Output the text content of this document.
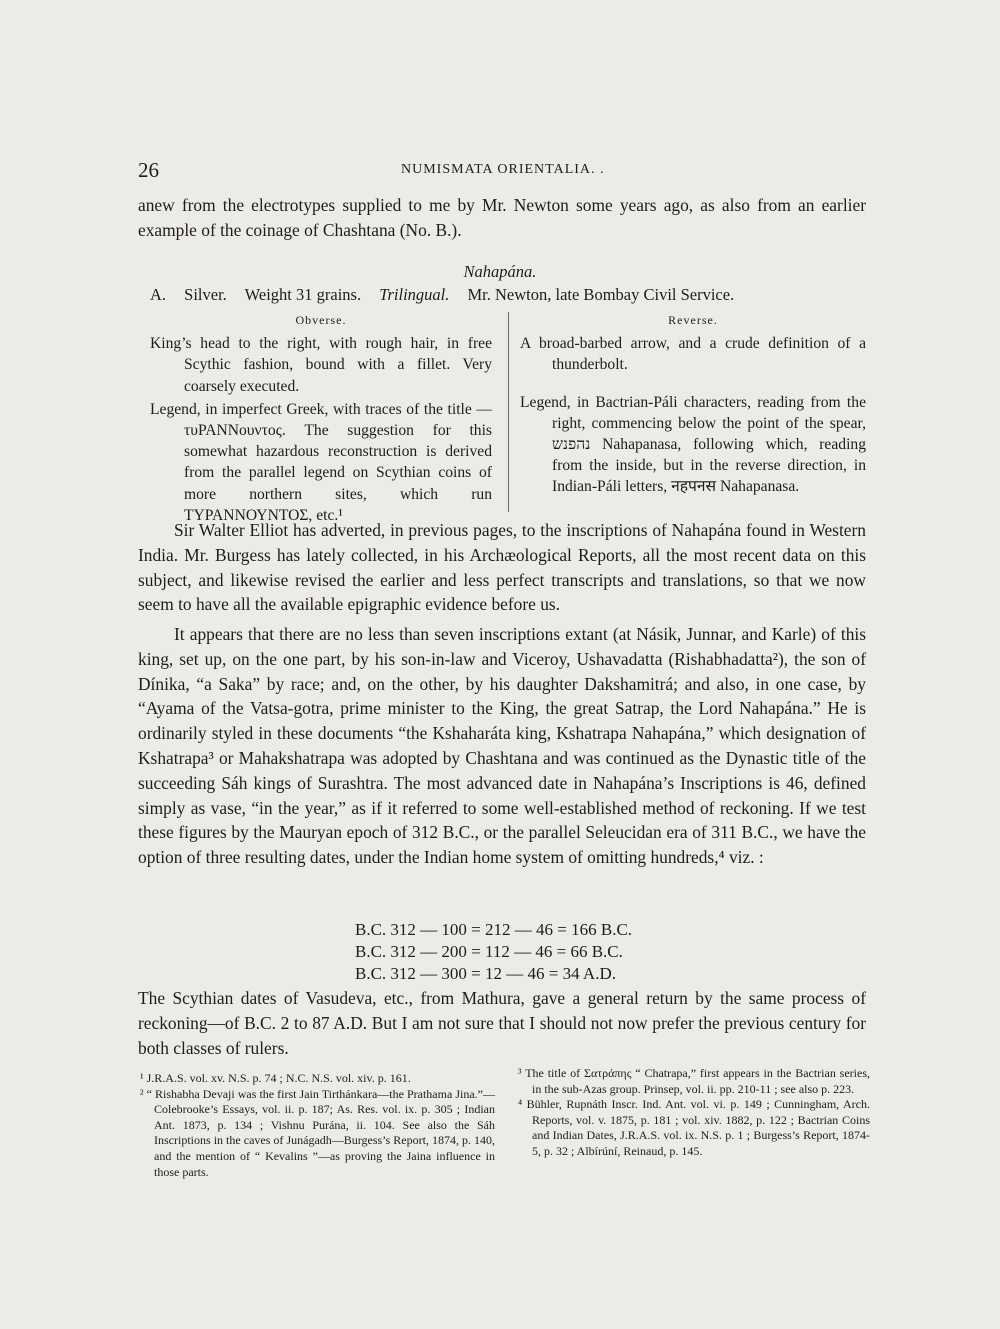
26	NUMISMATA ORIENTALIA. .

anew from the electrotypes supplied to me by Mr. Newton some years ago, as also from an earlier example of the coinage of Chashtana (No. B.).

Nahapána.
A. Silver. Weight 31 grains. Trilingual. Mr. Newton, late Bombay Civil Service.
Obverse.

King’s head to the right, with rough hair, in free Scythic fashion, bound with a fillet. Very coarsely executed.

Legend, in imperfect Greek, with traces of the title — τυPANNουντος. The suggestion for this somewhat hazardous reconstruction is derived from the parallel legend on Scythian coins of more northern sites, which run ΤΥΡΑΝΝΟΥΝΤΟΣ, etc.¹

Reverse.

A broad-barbed arrow, and a crude definition of a thunderbolt.

Legend, in Bactrian-Páli characters, reading from the right, commencing below the point of the spear, נהפנש Nahapanasa, following which, reading from the inside, but in the reverse direction, in Indian-Páli letters, नहपनस Nahapanasa.

Sir Walter Elliot has adverted, in previous pages, to the inscriptions of Nahapána found in Western India. Mr. Burgess has lately collected, in his Archæological Reports, all the most recent data on this subject, and likewise revised the earlier and less perfect transcripts and translations, so that we now seem to have all the available epigraphic evidence before us.

It appears that there are no less than seven inscriptions extant (at Násik, Junnar, and Karle) of this king, set up, on the one part, by his son-in-law and Viceroy, Ushavadatta (Rishabhadatta²), the son of Dínika, “a Saka” by race; and, on the other, by his daughter Dakshamitrá; and also, in one case, by “Ayama of the Vatsa-gotra, prime minister to the King, the great Satrap, the Lord Nahapána.” He is ordinarily styled in these documents “the Kshaharáta king, Kshatrapa Nahapána,” which designation of Kshatrapa³ or Mahakshatrapa was adopted by Chashtana and was continued as the Dynastic title of the succeeding Sáh kings of Surashtra. The most advanced date in Nahapána’s Inscriptions is 46, defined simply as vase, “in the year,” as if it referred to some well-established method of reckoning. If we test these figures by the Mauryan epoch of 312 B.C., or the parallel Seleucidan era of 311 B.C., we have the option of three resulting dates, under the Indian home system of omitting hundreds,⁴ viz. :

B.C. 312 — 100 = 212 — 46 = 166 B.C.
B.C. 312 — 200 = 112 — 46 = 66 B.C.
B.C. 312 — 300 = 12 — 46 = 34 A.D.

The Scythian dates of Vasudeva, etc., from Mathura, gave a general return by the same process of reckoning—of B.C. 2 to 87 A.D. But I am not sure that I should not now prefer the previous century for both classes of rulers.

¹ J.R.A.S. vol. xv. N.S. p. 74 ; N.C. N.S. vol. xiv. p. 161.

² “ Rishabha Devaji was the first Jain Tirthánkara—the Prathama Jina.”—Colebrooke’s Essays, vol. ii. p. 187; As. Res. vol. ix. p. 305 ; Indian Ant. 1873, p. 134 ; Vishnu Purána, ii. 104. See also the Sáh Inscriptions in the caves of Junágadh—Burgess’s Report, 1874, p. 140, and the mention of “ Kevalins ”—as proving the Jaina influence in those parts.

³ The title of Σατράπης “ Chatrapa,” first appears in the Bactrian series, in the sub-Azas group. Prinsep, vol. ii. pp. 210-11 ; see also p. 223.

⁴ Bühler, Rupnáth Inscr. Ind. Ant. vol. vi. p. 149 ; Cunningham, Arch. Reports, vol. v. 1875, p. 181 ; vol. xiv. 1882, p. 122 ; Bactrian Coins and Indian Dates, J.R.A.S. vol. ix. N.S. p. 1 ; Burgess’s Report, 1874-5, p. 32 ; Albírúní, Reinaud, p. 145.
